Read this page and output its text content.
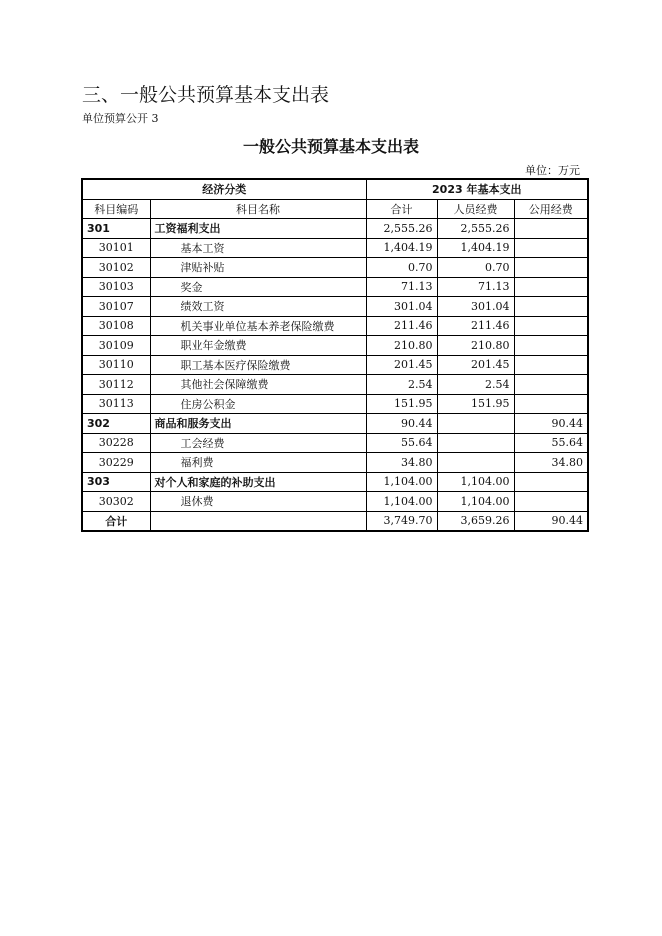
三、一般公共预算基本支出表
单位预算公开 3
一般公共预算基本支出表
单位：万元
经济分类		2023 年基本支出		
科目编码	科目名称	合计	人员经费	公用经费
301	工资福利支出	2,555.26	2,555.26	
30101	基本工资	1,404.19	1,404.19	
30102	津贴补贴	0.70	0.70	
30103	奖金	71.13	71.13	
30107	绩效工资	301.04	301.04	
30108	机关事业单位基本养老保险缴费	211.46	211.46	
30109	职业年金缴费	210.80	210.80	
30110	职工基本医疗保险缴费	201.45	201.45	
30112	其他社会保障缴费	2.54	2.54	
30113	住房公积金	151.95	151.95	
302	商品和服务支出	90.44		90.44
30228	工会经费	55.64		55.64
30229	福利费	34.80		34.80
303	对个人和家庭的补助支出	1,104.00	1,104.00	
30302	退休费	1,104.00	1,104.00	
合计		3,749.70	3,659.26	90.44
